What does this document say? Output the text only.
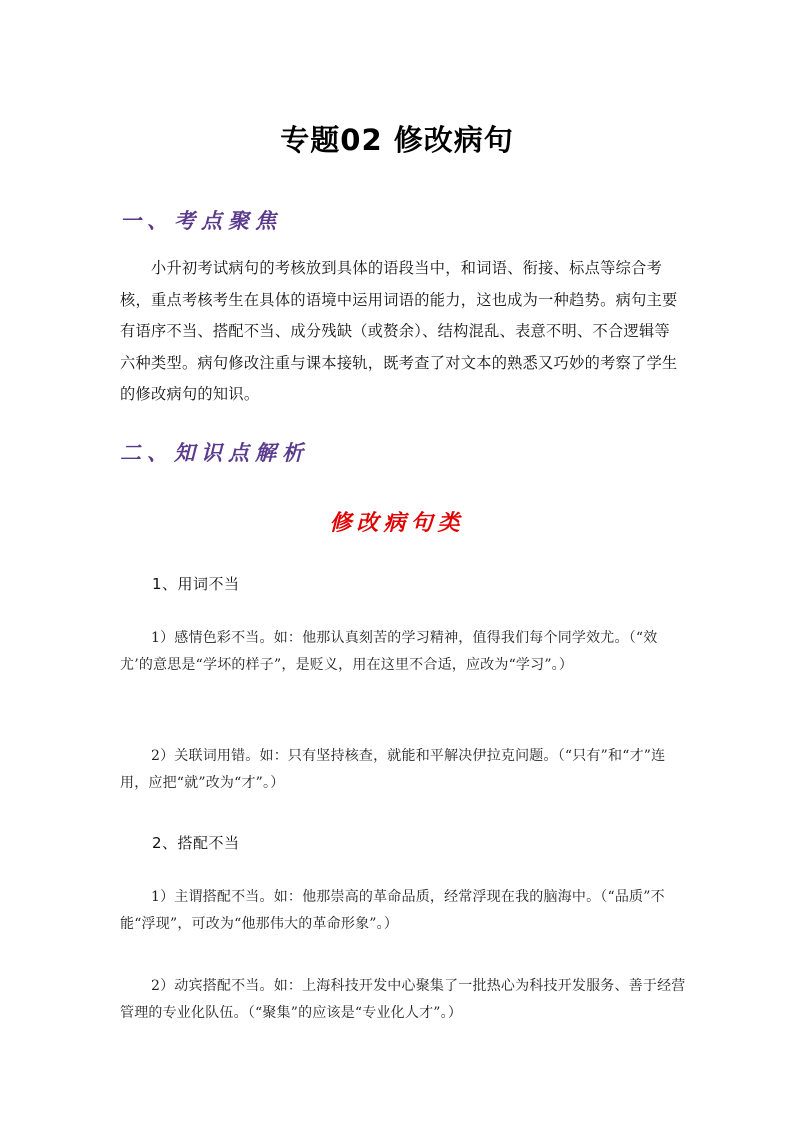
专题02 修改病句
一、考点聚焦

小升初考试病句的考核放到具体的语段当中，和词语、衔接、标点等综合考核，重点考核考生在具体的语境中运用词语的能力，这也成为一种趋势。病句主要有语序不当、搭配不当、成分残缺（或赘余）、结构混乱、表意不明、不合逻辑等六种类型。病句修改注重与课本接轨，既考查了对文本的熟悉又巧妙的考察了学生的修改病句的知识。

二、知识点解析
修改病句类
1、用词不当

1）感情色彩不当。如：他那认真刻苦的学习精神，值得我们每个同学效尤。（“效尤’的意思是“学坏的样子”，是贬义，用在这里不合适，应改为“学习”。）

2）关联词用错。如：只有坚持核查，就能和平解决伊拉克问题。（“只有”和“才”连用，应把“就”改为“才”。）

2、搭配不当

1）主谓搭配不当。如：他那崇高的革命品质，经常浮现在我的脑海中。（“品质”不能“浮现”，可改为“他那伟大的革命形象”。）

2）动宾搭配不当。如：上海科技开发中心聚集了一批热心为科技开发服务、善于经营管理的专业化队伍。（“聚集”的应该是“专业化人才”。）
